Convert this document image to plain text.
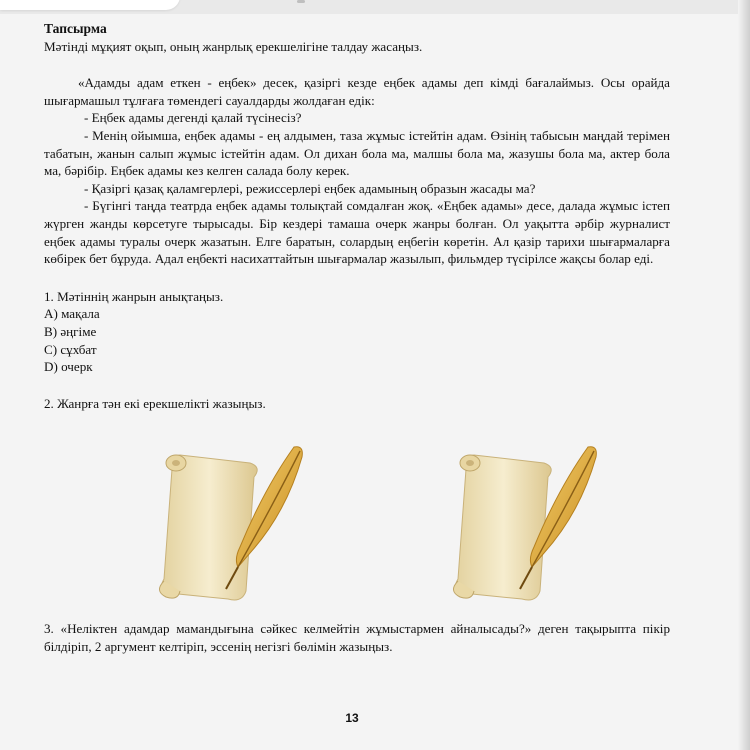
Тапсырма

Мәтінді мұқият оқып, оның жанрлық ерекшелігіне талдау жасаңыз.

«Адамды адам еткен - еңбек» десек, қазіргі кезде еңбек адамы деп кімді бағалаймыз. Осы орайда шығармашыл тұлғаға төмендегі сауалдарды жолдаған едік:

- Еңбек адамы дегенді қалай түсінесіз?

- Менің ойымша, еңбек адамы - ең алдымен, таза жұмыс істейтін адам. Өзінің табысын маңдай терімен табатын, жанын салып жұмыс істейтін адам. Ол дихан бола ма, малшы бола ма, жазушы бола ма, актер бола ма, бәрібір. Еңбек адамы кез келген салада болу керек.

- Қазіргі қазақ қаламгерлері, режиссерлері еңбек адамының образын жасады ма?

- Бүгінгі таңда театрда еңбек адамы толықтай сомдалған жоқ. «Еңбек адамы» десе, далада жұмыс істеп жүрген жанды көрсетуге тырысады. Бір кездері тамаша очерк жанры болған. Ол уақытта әрбір журналист еңбек адамы туралы очерк жазатын. Елге баратын, солардың еңбегін көретін. Ал қазір тарихи шығармаларға көбірек бет бұруда. Адал еңбекті насихаттайтын шығармалар жазылып, фильмдер түсірілсе жақсы болар еді.

1. Мәтіннің жанрын анықтаңыз.

А) мақала
В) әңгіме
С) сұхбат
D) очерк

2. Жанрға тән екі ерекшелікті жазыңыз.

3. «Неліктен адамдар мамандығына сәйкес келмейтін жұмыстармен айналысады?» деген тақырыпта пікір білдіріп, 2 аргумент келтіріп, эссенің негізгі бөлімін жазыңыз.

13
